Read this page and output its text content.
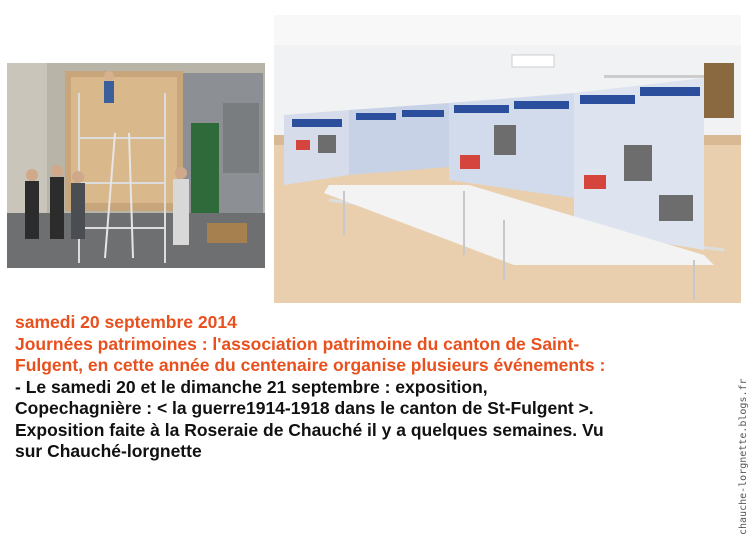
samedi 20 septembre 2014
Journées patrimoines : l'association patrimoine du canton de Saint-
Fulgent, en cette année du centenaire organise plusieurs événements :
- Le samedi 20 et le dimanche 21 septembre : exposition,
Copechagnière : < la guerre1914-1918 dans le canton de St-Fulgent >.
Exposition faite à la Roseraie de Chauché il y a quelques semaines. Vu
sur Chauché-lorgnette	chauche-lorgnette.blogs.fr
